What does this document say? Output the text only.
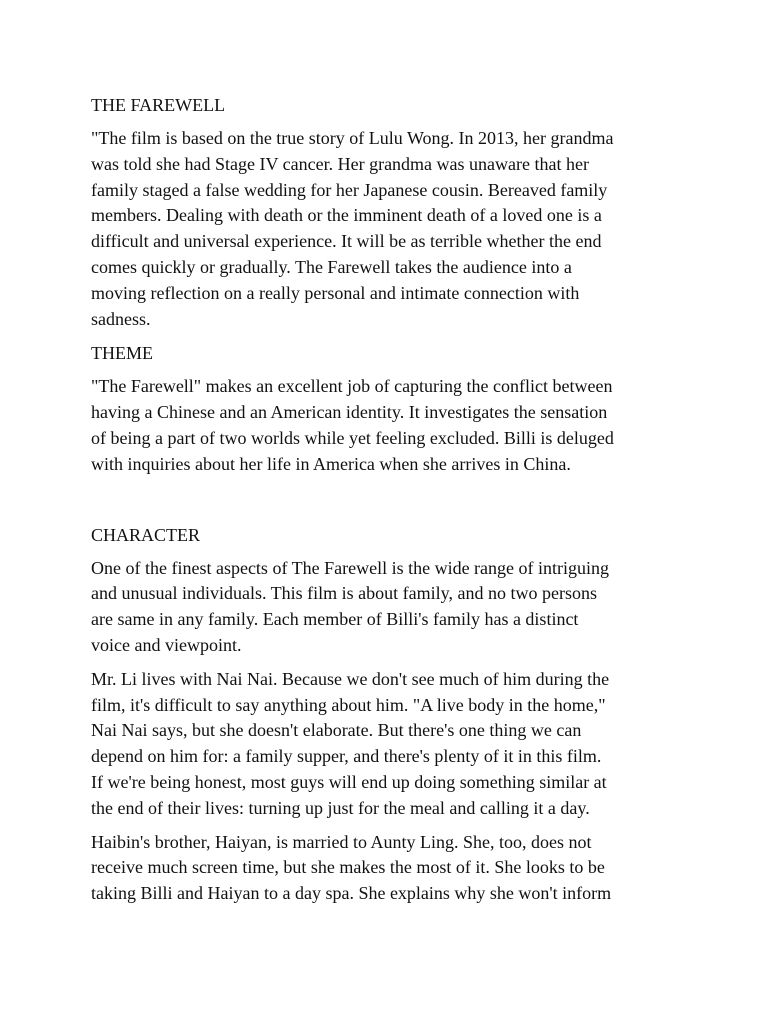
THE FAREWELL

"The film is based on the true story of Lulu Wong. In 2013, her grandma
was told she had Stage IV cancer. Her grandma was unaware that her
family staged a false wedding for her Japanese cousin. Bereaved family
members. Dealing with death or the imminent death of a loved one is a
difficult and universal experience. It will be as terrible whether the end
comes quickly or gradually. The Farewell takes the audience into a
moving reflection on a really personal and intimate connection with
sadness.

THEME

"The Farewell" makes an excellent job of capturing the conflict between
having a Chinese and an American identity. It investigates the sensation
of being a part of two worlds while yet feeling excluded. Billi is deluged
with inquiries about her life in America when she arrives in China.

CHARACTER

One of the finest aspects of The Farewell is the wide range of intriguing
and unusual individuals. This film is about family, and no two persons
are same in any family. Each member of Billi's family has a distinct
voice and viewpoint.

Mr. Li lives with Nai Nai. Because we don't see much of him during the
film, it's difficult to say anything about him. "A live body in the home,"
Nai Nai says, but she doesn't elaborate. But there's one thing we can
depend on him for: a family supper, and there's plenty of it in this film.
If we're being honest, most guys will end up doing something similar at
the end of their lives: turning up just for the meal and calling it a day.

Haibin's brother, Haiyan, is married to Aunty Ling. She, too, does not
receive much screen time, but she makes the most of it. She looks to be
taking Billi and Haiyan to a day spa. She explains why she won't inform
